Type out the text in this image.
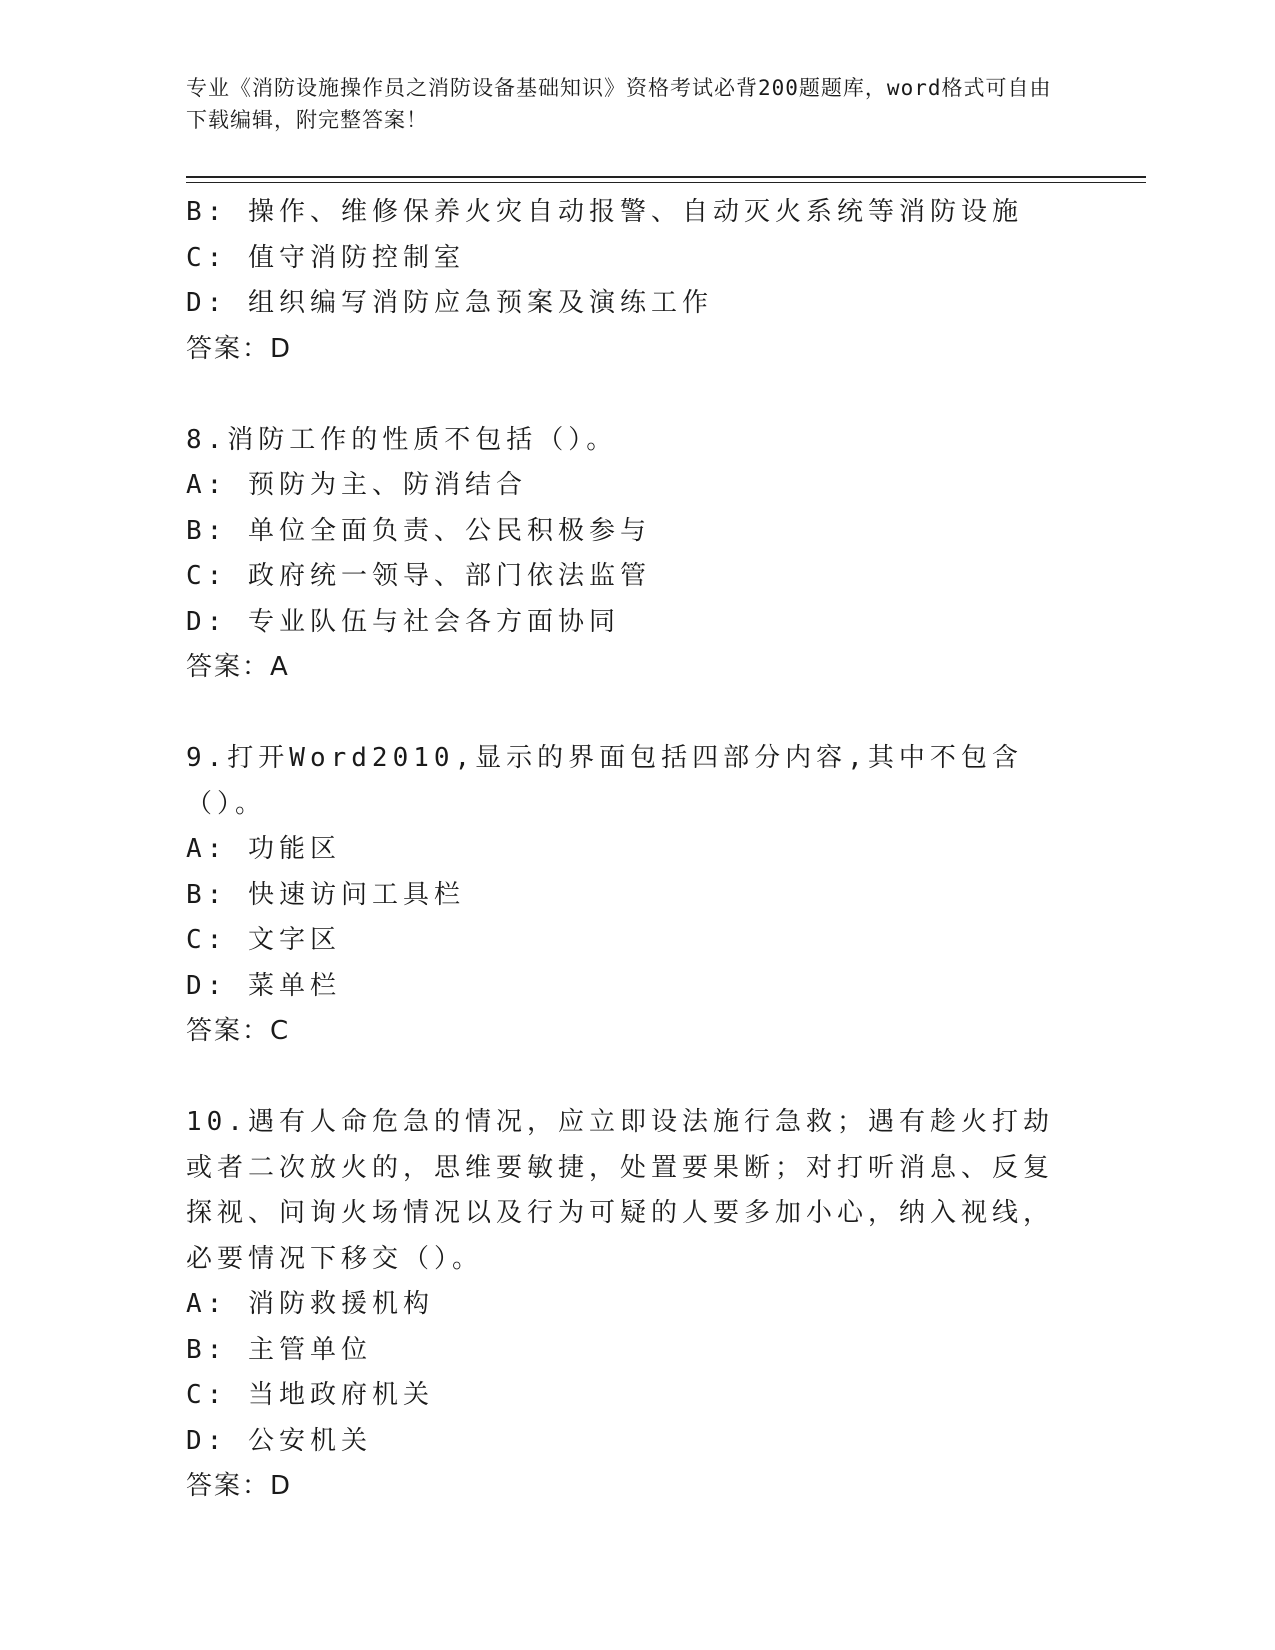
专业《消防设施操作员之消防设备基础知识》资格考试必背200题题库，word格式可自由下载编辑，附完整答案！
B: 操作、维修保养火灾自动报警、自动灭火系统等消防设施
C: 值守消防控制室
D: 组织编写消防应急预案及演练工作
答案：D
8.消防工作的性质不包括（）。
A: 预防为主、防消结合
B: 单位全面负责、公民积极参与
C: 政府统一领导、部门依法监管
D: 专业队伍与社会各方面协同
答案：A
9.打开Word2010,显示的界面包括四部分内容,其中不包含（）。
A: 功能区
B: 快速访问工具栏
C: 文字区
D: 菜单栏
答案：C
10.遇有人命危急的情况，应立即设法施行急救；遇有趁火打劫或者二次放火的，思维要敏捷，处置要果断；对打听消息、反复探视、问询火场情况以及行为可疑的人要多加小心，纳入视线，必要情况下移交（）。
A: 消防救援机构
B: 主管单位
C: 当地政府机关
D: 公安机关
答案：D
